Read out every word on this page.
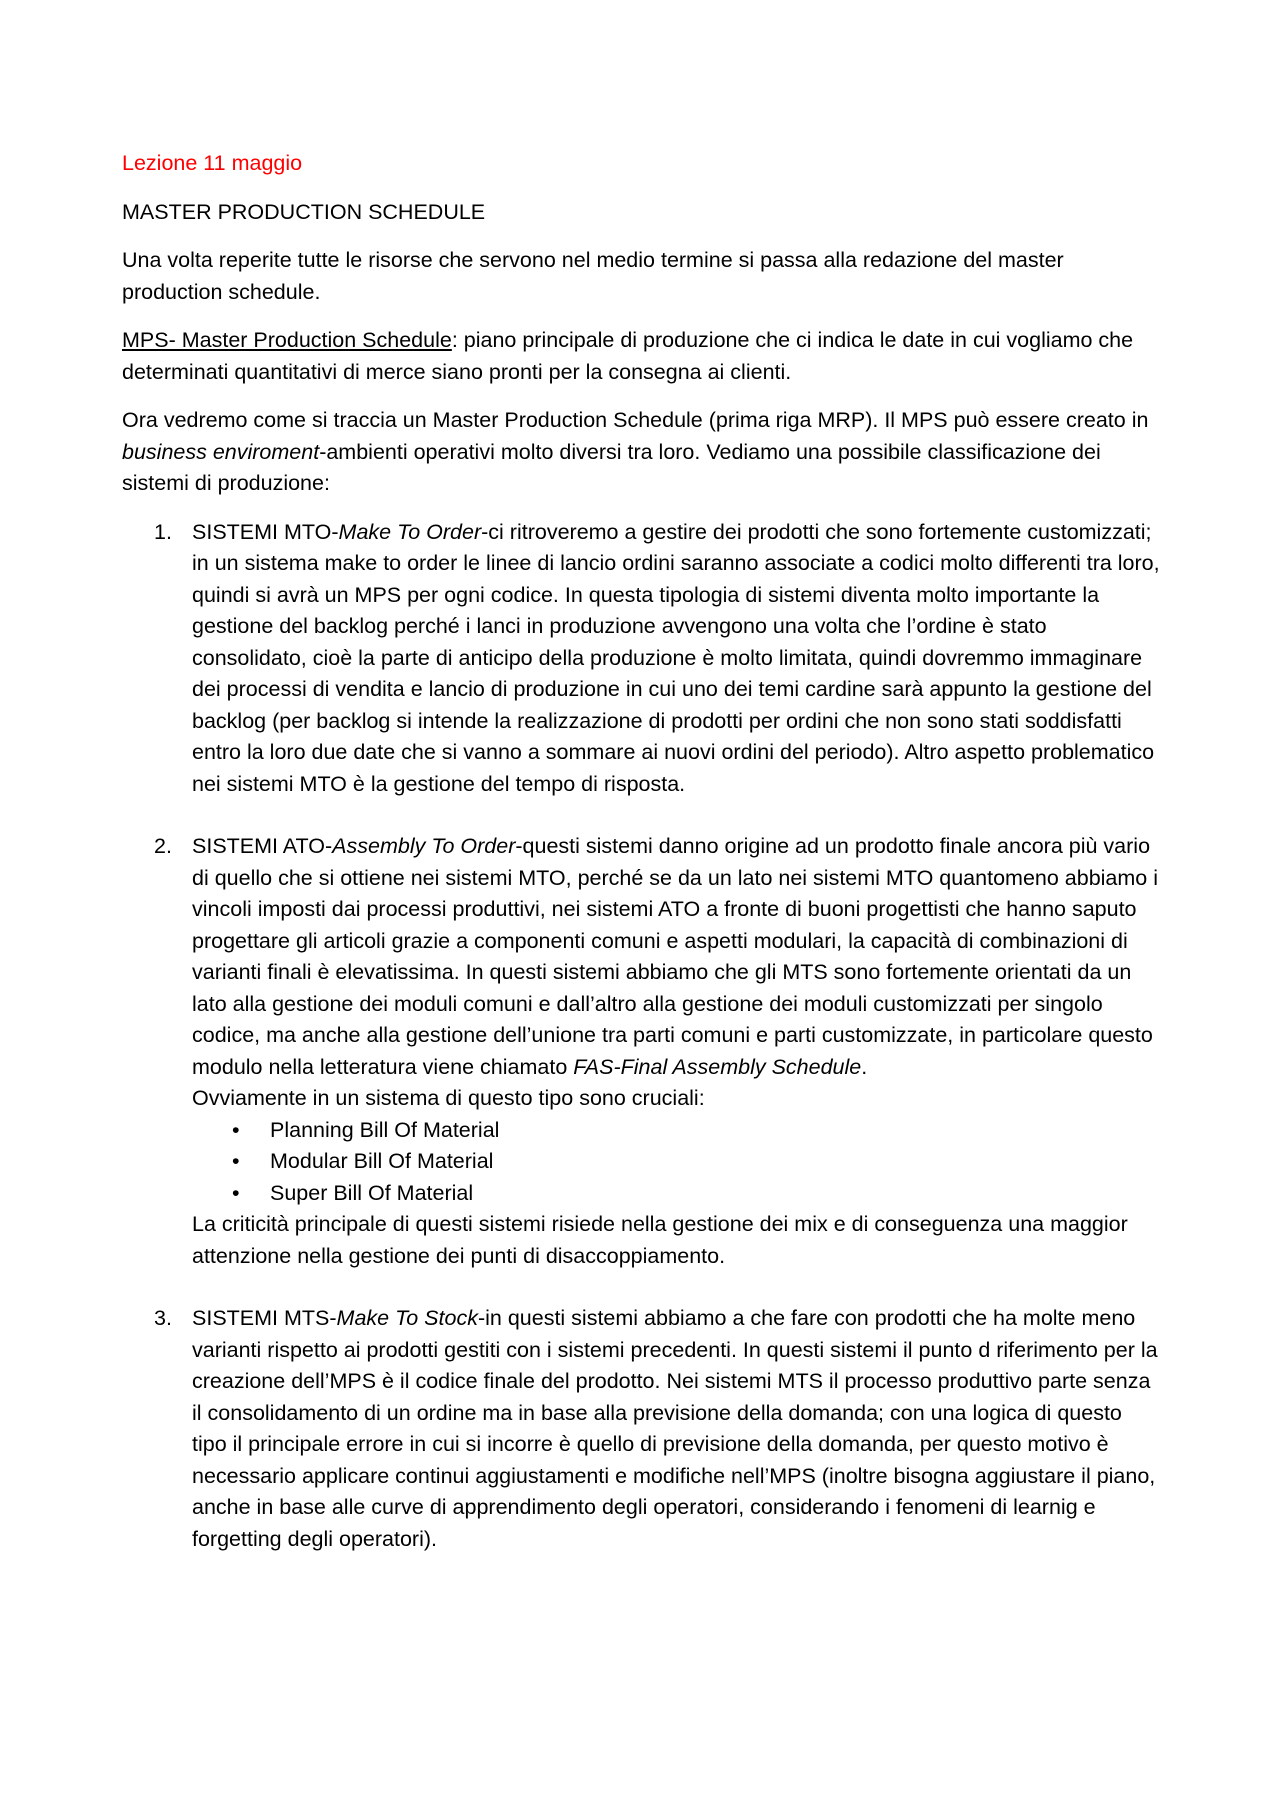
Lezione 11 maggio

MASTER PRODUCTION SCHEDULE

Una volta reperite tutte le risorse che servono nel medio termine si passa alla redazione del master production schedule.

MPS- Master Production Schedule: piano principale di produzione che ci indica le date in cui vogliamo che determinati quantitativi di merce siano pronti per la consegna ai clienti.

Ora vedremo come si traccia un Master Production Schedule (prima riga MRP). Il MPS può essere creato in business enviroment-ambienti operativi molto diversi tra loro. Vediamo una possibile classificazione dei sistemi di produzione:

1. SISTEMI MTO-Make To Order-ci ritroveremo a gestire dei prodotti che sono fortemente customizzati; in un sistema make to order le linee di lancio ordini saranno associate a codici molto differenti tra loro, quindi si avrà un MPS per ogni codice. In questa tipologia di sistemi diventa molto importante la gestione del backlog perché i lanci in produzione avvengono una volta che l’ordine è stato consolidato, cioè la parte di anticipo della produzione è molto limitata, quindi dovremmo immaginare dei processi di vendita e lancio di produzione in cui uno dei temi cardine sarà appunto la gestione del backlog (per backlog si intende la realizzazione di prodotti per ordini che non sono stati soddisfatti entro la loro due date che si vanno a sommare ai nuovi ordini del periodo). Altro aspetto problematico nei sistemi MTO è la gestione del tempo di risposta.
2. SISTEMI ATO-Assembly To Order-questi sistemi danno origine ad un prodotto finale ancora più vario di quello che si ottiene nei sistemi MTO, perché se da un lato nei sistemi MTO quantomeno abbiamo i vincoli imposti dai processi produttivi, nei sistemi ATO a fronte di buoni progettisti che hanno saputo progettare gli articoli grazie a componenti comuni e aspetti modulari, la capacità di combinazioni di varianti finali è elevatissima. In questi sistemi abbiamo che gli MTS sono fortemente orientati da un lato alla gestione dei moduli comuni e dall’altro alla gestione dei moduli customizzati per singolo codice, ma anche alla gestione dell’unione tra parti comuni e parti customizzate, in particolare questo modulo nella letteratura viene chiamato FAS-Final Assembly Schedule.
Ovviamente in un sistema di questo tipo sono cruciali:
• Planning Bill Of Material
• Modular Bill Of Material
• Super Bill Of Material
La criticità principale di questi sistemi risiede nella gestione dei mix e di conseguenza una maggior attenzione nella gestione dei punti di disaccoppiamento.
3. SISTEMI MTS-Make To Stock-in questi sistemi abbiamo a che fare con prodotti che ha molte meno varianti rispetto ai prodotti gestiti con i sistemi precedenti. In questi sistemi il punto d riferimento per la creazione dell’MPS è il codice finale del prodotto. Nei sistemi MTS il processo produttivo parte senza il consolidamento di un ordine ma in base alla previsione della domanda; con una logica di questo tipo il principale errore in cui si incorre è quello di previsione della domanda, per questo motivo è necessario applicare continui aggiustamenti e modifiche nell’MPS (inoltre bisogna aggiustare il piano, anche in base alle curve di apprendimento degli operatori, considerando i fenomeni di learnig e forgetting degli operatori).
